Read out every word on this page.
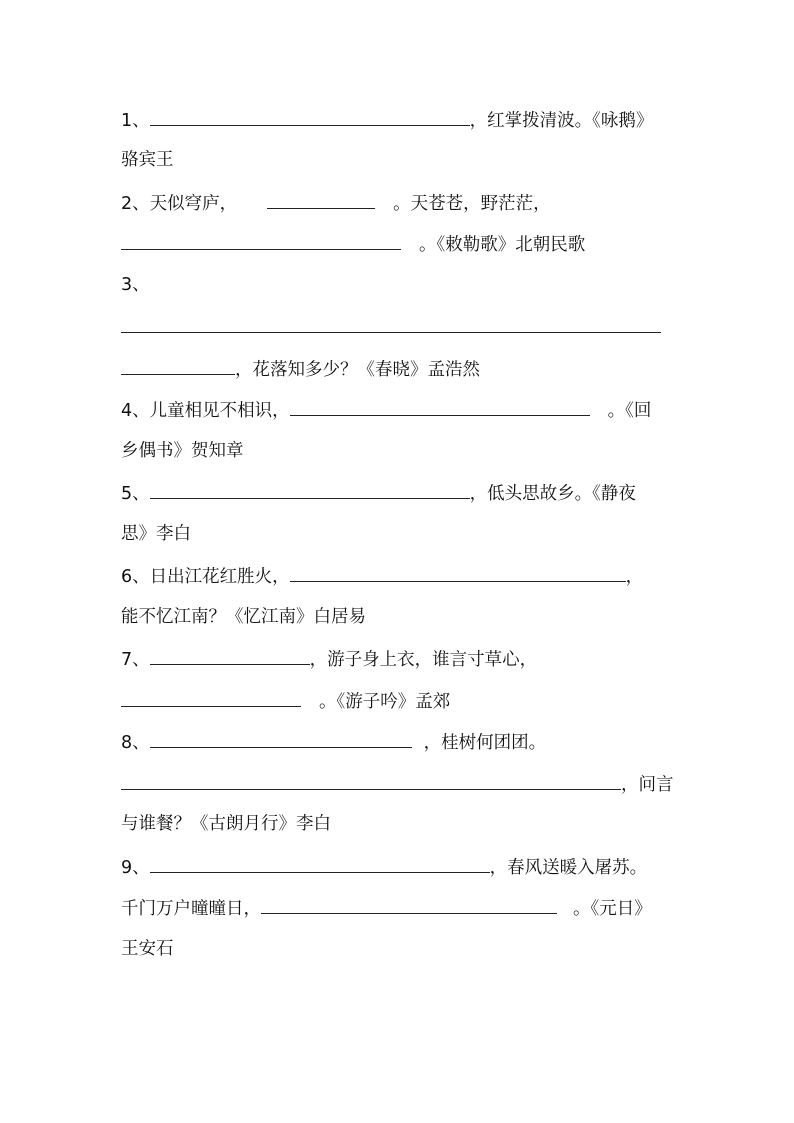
1、	，红掌拨清波。《咏鹅》
骆宾王
2、天似穹庐，	。天苍苍，野茫茫，
。《敕勒歌》北朝民歌
3、
，花落知多少？《春晓》孟浩然
4、儿童相见不相识，	。《回
乡偶书》贺知章
5、	，低头思故乡。《静夜
思》李白
6、日出江花红胜火，	，
能不忆江南？《忆江南》白居易
7、	，游子身上衣，谁言寸草心，
。《游子吟》孟郊
8、	，桂树何团团。
，问言
与谁餐？《古朗月行》李白
9、	，春风送暖入屠苏。
千门万户曈曈日，	。《元日》
王安石
